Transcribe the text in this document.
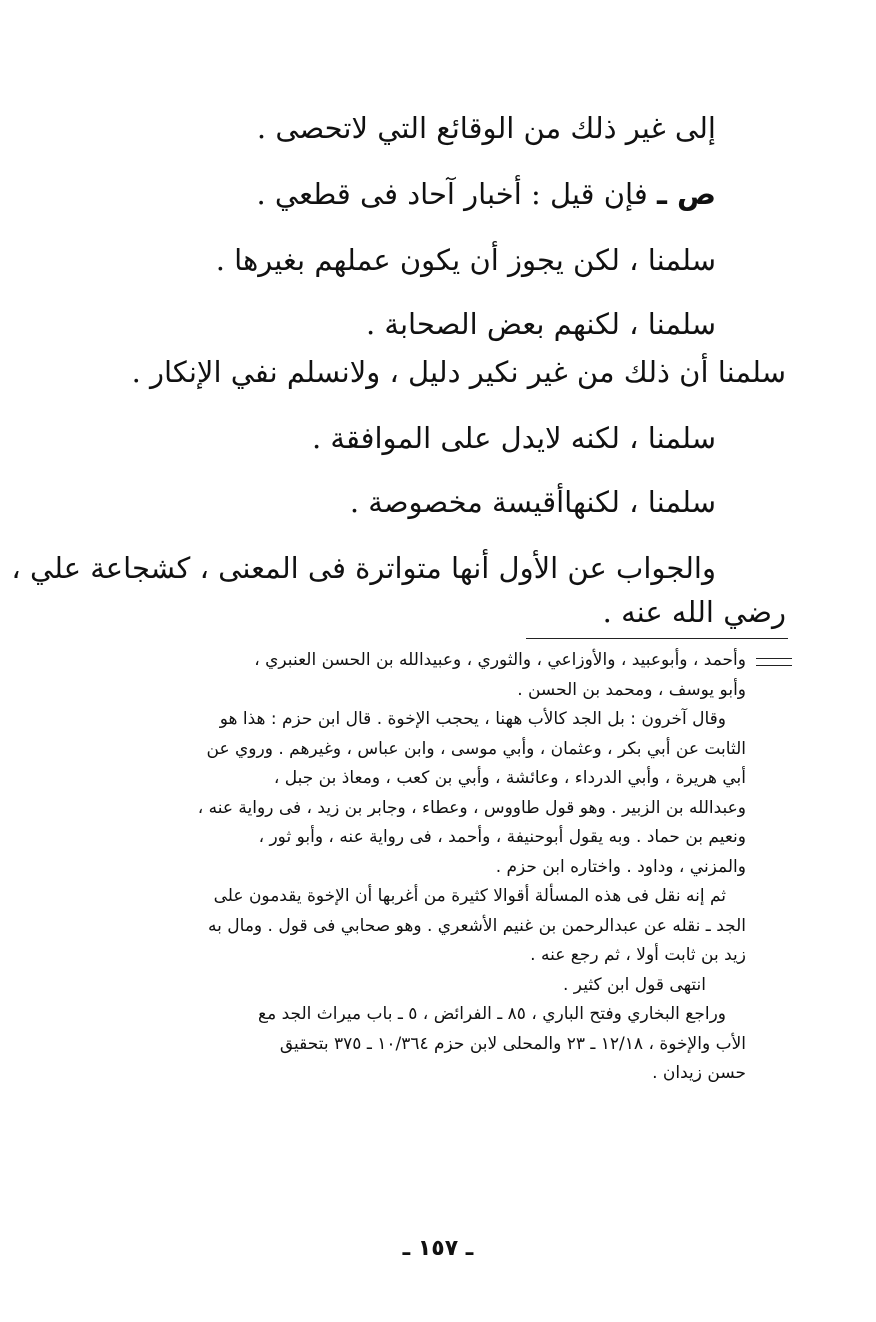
إلى غير ذلك من الوقائع التي لاتحصى .
ص ـ فإن قيل : أخبار آحاد فى قطعي .
سلمنا ، لكن يجوز أن يكون عملهم بغيرها .
سلمنا ، لكنهم بعض الصحابة .
سلمنا أن ذلك من غير نكير دليل ، ولانسلم نفي الإنكار .
سلمنا ، لكنه لايدل على الموافقة .
سلمنا ، لكنهاأقيسة مخصوصة .
والجواب عن الأول أنها متواترة فى المعنى ، كشجاعة علي ،
رضي الله عنه .
وأحمد ، وأبوعبيد ، والأوزاعي ، والثوري ، وعبيدالله بن الحسن العنبري ،
وأبو يوسف ، ومحمد بن الحسن .
وقال آخرون : بل الجد كالأب ههنا ، يحجب الإخوة . قال ابن حزم : هذا هو
الثابت عن أبي بكر ، وعثمان ، وأبي موسى ، وابن عباس ، وغيرهم . وروي عن
أبي هريرة ، وأبي الدرداء ، وعائشة ، وأبي بن كعب ، ومعاذ بن جبل ،
وعبدالله بن الزبير . وهو قول طاووس ، وعطاء ، وجابر بن زيد ، فى رواية عنه ،
ونعيم بن حماد . وبه يقول أبوحنيفة ، وأحمد ، فى رواية عنه ، وأبو ثور ،
والمزني ، وداود . واختاره ابن حزم .
ثم إنه نقل فى هذه المسألة أقوالا كثيرة من أغربها أن الإخوة يقدمون على
الجد ـ نقله عن عبدالرحمن بن غنيم الأشعري . وهو صحابي فى قول . ومال به
زيد بن ثابت أولا ، ثم رجع عنه .
انتهى قول ابن كثير .
وراجع البخاري وفتح الباري ، ٨٥ ـ الفرائض ، ٥ ـ باب ميراث الجد مع
الأب والإخوة ، ١٢/١٨ ـ ٢٣ والمحلى لابن حزم ١٠/٣٦٤ ـ ٣٧٥ بتحقيق
حسن زيدان .
ـ ١٥٧ ـ
